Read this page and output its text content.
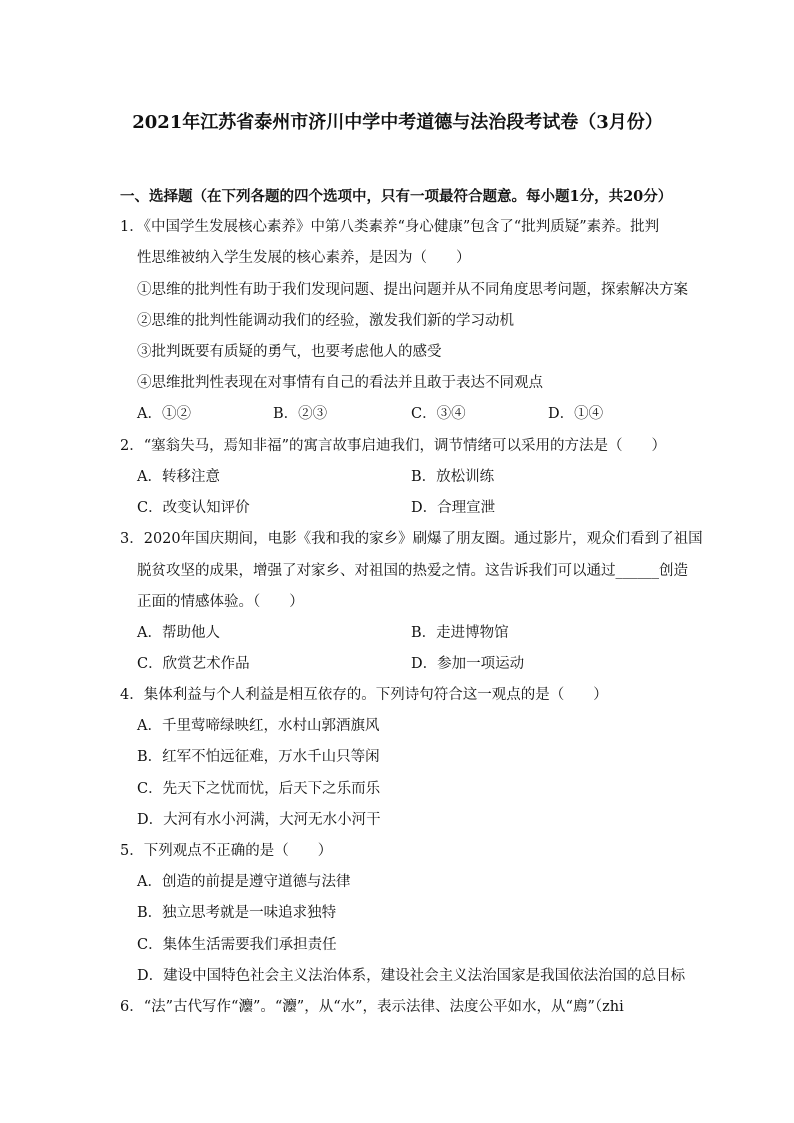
2021年江苏省泰州市济川中学中考道德与法治段考试卷（3月份）
一、选择题（在下列各题的四个选项中，只有一项最符合题意。每小题1分，共20分）
1．《中国学生发展核心素养》中第八类素养“身心健康”包含了“批判质疑”素养。批判
性思维被纳入学生发展的核心素养，是因为（　　）
①思维的批判性有助于我们发现问题、提出问题并从不同角度思考问题，探索解决方案
②思维的批判性能调动我们的经验，激发我们新的学习动机
③批判既要有质疑的勇气，也要考虑他人的感受
④思维批判性表现在对事情有自己的看法并且敢于表达不同观点
A．①②	B．②③	C．③④	D．①④
2．“塞翁失马，焉知非福”的寓言故事启迪我们，调节情绪可以采用的方法是（　　）
A．转移注意	B．放松训练
C．改变认知评价	D．合理宣泄
3．2020年国庆期间，电影《我和我的家乡》刷爆了朋友圈。通过影片，观众们看到了祖国
脱贫攻坚的成果，增强了对家乡、对祖国的热爱之情。这告诉我们可以通过______创造
正面的情感体验。（　　）
A．帮助他人	B．走进博物馆
C．欣赏艺术作品	D．参加一项运动
4．集体利益与个人利益是相互依存的。下列诗句符合这一观点的是（　　）
A．千里莺啼绿映红，水村山郭酒旗风
B．红军不怕远征难，万水千山只等闲
C．先天下之忧而忧，后天下之乐而乐
D．大河有水小河满，大河无水小河干
5．下列观点不正确的是（　　）
A．创造的前提是遵守道德与法律
B．独立思考就是一味追求独特
C．集体生活需要我们承担责任
D．建设中国特色社会主义法治体系，建设社会主义法治国家是我国依法治国的总目标
6．“法”古代写作“灋”。“灋”，从“水”，表示法律、法度公平如水，从“廌”（zhi
